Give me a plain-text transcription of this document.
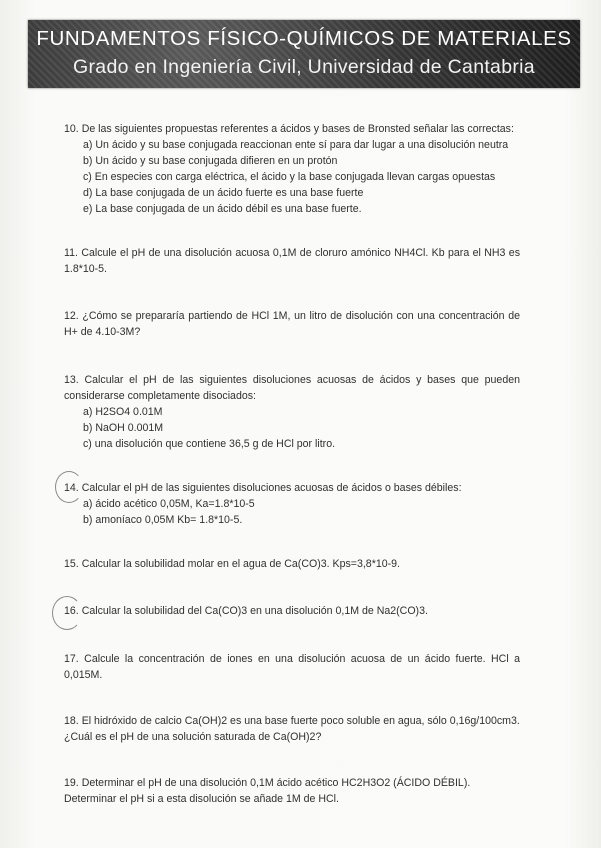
FUNDAMENTOS FÍSICO-QUÍMICOS DE MATERIALES
Grado en Ingeniería Civil, Universidad de Cantabria
10. De las siguientes propuestas referentes a ácidos y bases de Bronsted señalar las correctas:
a) Un ácido y su base conjugada reaccionan ente sí para dar lugar a una disolución neutra
b) Un ácido y su base conjugada difieren en un protón
c) En especies con carga eléctrica, el ácido y la base conjugada llevan cargas opuestas
d) La base conjugada de un ácido fuerte es una base fuerte
e) La base conjugada de un ácido débil es una base fuerte.
11. Calcule el pH de una disolución acuosa 0,1M de cloruro amónico NH4Cl. Kb para el NH3 es 1.8*10-5.
12. ¿Cómo se prepararía partiendo de HCl 1M, un litro de disolución con una concentración de H+ de 4.10-3M?
13. Calcular el pH de las siguientes disoluciones acuosas de ácidos y bases que pueden considerarse completamente disociados:
a) H2SO4 0.01M
b) NaOH 0.001M
c) una disolución que contiene 36,5 g de HCl por litro.
14. Calcular el pH de las siguientes disoluciones acuosas de ácidos o bases débiles:
a) ácido acético 0,05M, Ka=1.8*10-5
b) amoníaco 0,05M Kb= 1.8*10-5.
15. Calcular la solubilidad molar en el agua de Ca(CO)3. Kps=3,8*10-9.
16. Calcular la solubilidad del Ca(CO)3 en una disolución 0,1M de Na2(CO)3.
17. Calcule la concentración de iones en una disolución acuosa de un ácido fuerte. HCl a 0,015M.
18. El hidróxido de calcio Ca(OH)2 es una base fuerte poco soluble en agua, sólo 0,16g/100cm3. ¿Cuál es el pH de una solución saturada de Ca(OH)2?
19. Determinar el pH de una disolución 0,1M ácido acético HC2H3O2 (ÁCIDO DÉBIL). Determinar el pH si a esta disolución se añade 1M de HCl.
